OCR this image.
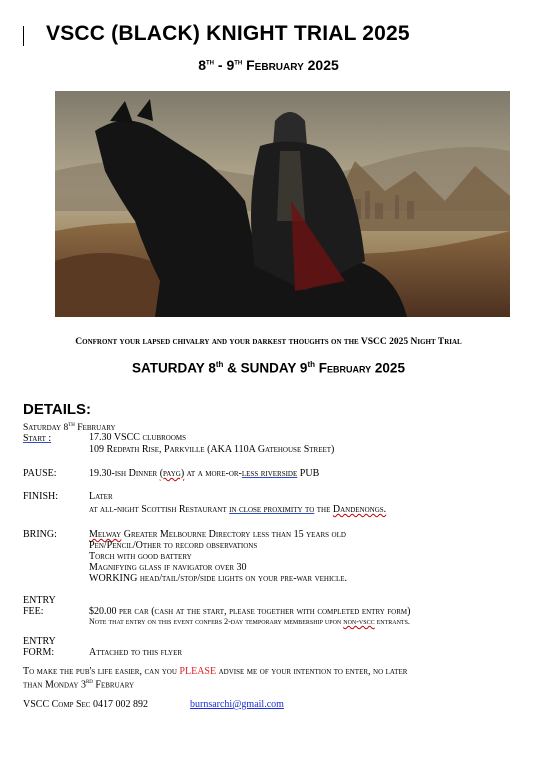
VSCC (BLACK) KNIGHT TRIAL 2025
8th - 9th February 2025
Confront your lapsed chivalry and your darkest thoughts on the VSCC 2025 Night Trial
SATURDAY 8th & SUNDAY 9th February 2025
DETAILS:
Saturday 8th February
Start :	17.30 VSCC clubrooms
109 Redpath Rise, Parkville (AKA 110A Gatehouse Street)
PAUSE:	19.30-ish Dinner (payg) at a more-or-less riverside PUB
FINISH:	Later
at all-night Scottish Restaurant in close proximity to the Dandenongs.
BRING:	Melway Greater Melbourne Directory less than 15 years old
Pen/Pencil/Other to record observations
Torch with good battery
Magnifying glass if navigator over 30
WORKING head/tail/stop/side lights on your pre-war vehicle.
ENTRY
FEE:	$20.00 per car (cash at the start, please together with completed entry form)
Note that entry on this event confers 2-day temporary membership upon non-vscc entrants.
ENTRY
FORM:	Attached to this flyer
To make the pub's life easier, can you PLEASE advise me of your intention to enter, no later
than Monday 3rd February
VSCC Comp Sec 0417 002 892	burnsarchi@gmail.com
